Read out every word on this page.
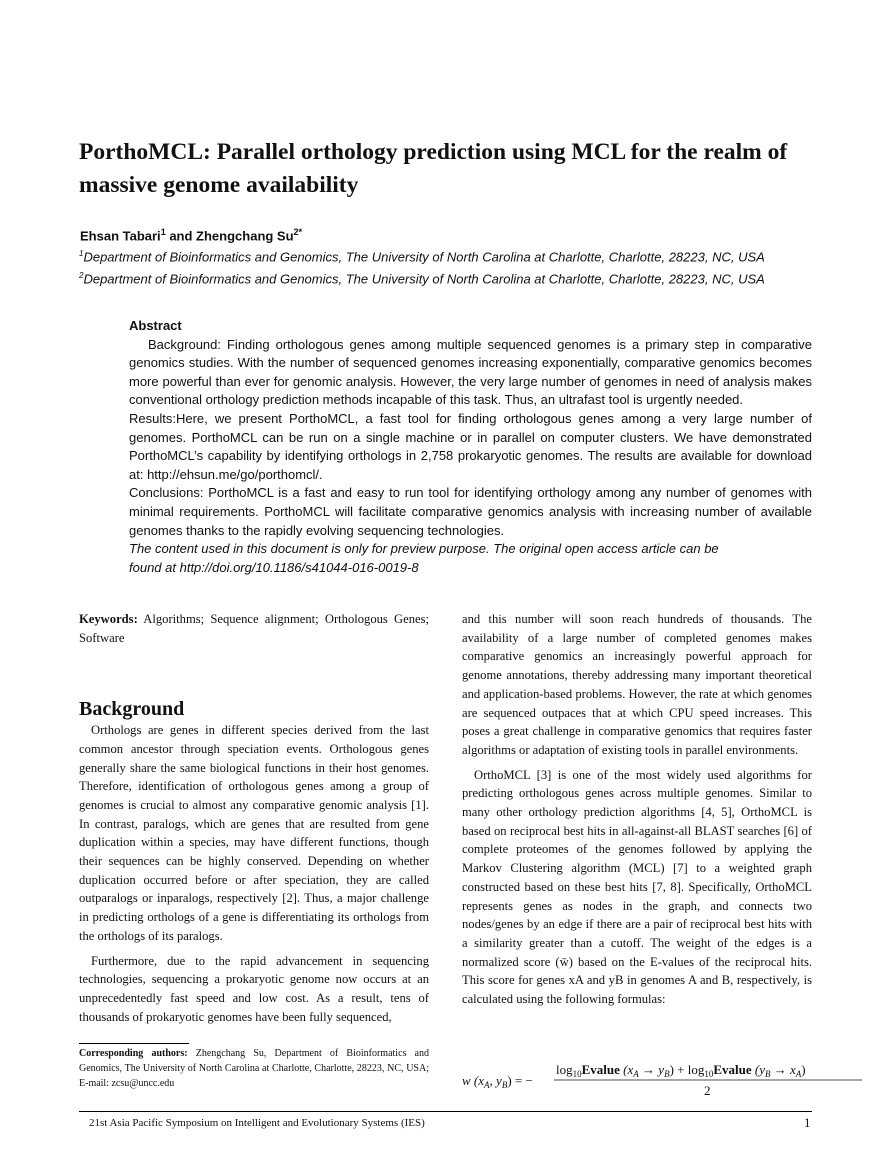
PorthoMCL: Parallel orthology prediction using MCL for the realm of massive genome availability
Ehsan Tabari$^1$ and Zhengchang $Su^{2*}$
$^1$Department of Bioinformatics and Genomics, The University of North Carolina at Charlotte, Charlotte, 28223, NC, USA
$^2$Department of Bioinformatics and Genomics, The University of North Carolina at Charlotte, Charlotte, 28223, NC, USA

Abstract

Background: Finding orthologous genes among multiple sequenced genomes is a primary step in comparative genomics studies. With the number of sequenced genomes increasing exponentially, comparative genomics becomes more powerful than ever for genomic analysis. However, the very large number of genomes in need of analysis makes conventional orthology prediction methods incapable of this task. Thus, an ultrafast tool is urgently needed.

Results:Here, we present PorthoMCL, a fast tool for finding orthologous genes among a very large number of genomes. PorthoMCL can be run on a single machine or in parallel on computer clusters. We have demonstrated PorthoMCL’s capability by identifying orthologs in 2,758 prokaryotic genomes. The results are available for download at: http://ehsun.me/go/porthomcl/.

Conclusions: PorthoMCL is a fast and easy to run tool for identifying orthology among any number of genomes with minimal requirements. PorthoMCL will facilitate comparative genomics analysis with increasing number of available genomes thanks to the rapidly evolving sequencing technologies.

The content used in this document is only for preview purpose. The original open access article can be found at http://doi.org/10.1186/s41044-016-0019-8

Keywords: Algorithms; Sequence alignment; Orthologous Genes; Software

Background

Orthologs are genes in different species derived from the last common ancestor through speciation events. Orthologous genes generally share the same biological functions in their host genomes. Therefore, identification of orthologous genes among a group of genomes is crucial to almost any comparative genomic analysis [1]. In contrast, paralogs, which are genes that are resulted from gene duplication within a species, may have different functions, though their sequences can be highly conserved. Depending on whether duplication occurred before or after speciation, they are called outparalogs or inparalogs, respectively [2]. Thus, a major challenge in predicting orthologs of a gene is differentiating its orthologs from the orthologs of its paralogs.

Furthermore, due to the rapid advancement in sequencing technologies, sequencing a prokaryotic genome now occurs at an unprecedentedly fast speed and low cost. As a result, tens of thousands of prokaryotic genomes have been fully sequenced,

and this number will soon reach hundreds of thousands. The availability of a large number of completed genomes makes comparative genomics an increasingly powerful approach for genome annotations, thereby addressing many important theoretical and application-based problems. However, the rate at which genomes are sequenced outpaces that at which CPU speed increases. This poses a great challenge in comparative genomics that requires faster algorithms or adaptation of existing tools in parallel environments.

OrthoMCL [3] is one of the most widely used algorithms for predicting orthologous genes across multiple genomes. Similar to many other orthology prediction algorithms [4, 5], OrthoMCL is based on reciprocal best hits in all-against-all BLAST searches [6] of complete proteomes of the genomes followed by applying the Markov Clustering algorithm (MCL) [7] to a weighted graph constructed based on these best hits [7, 8]. Specifically, OrthoMCL represents genes as nodes in the graph, and connects two nodes/genes by an edge if there are a pair of reciprocal best hits with a similarity greater than a cutoff. The weight of the edges is a normalized score (w̄) based on the E-values of the reciprocal hits. This score for genes xA and yB in genomes A and B, respectively, is calculated using the following formulas:

Corresponding authors: Zhengchang Su, Department of Bioinformatics and Genomics, The University of North Carolina at Charlotte, Charlotte, 28223, NC, USA; E-mail: zcsu@uncc.edu	w ($x_A$, $y_B$) = −
$\log_{10}Evalue$ $(x_A \to y_B)$ + $\log_{10}Evalue$ $(y_B \to x_A)$
2
21st Asia Pacific Symposium on Intelligent and Evolutionary Systems (IES)	1
